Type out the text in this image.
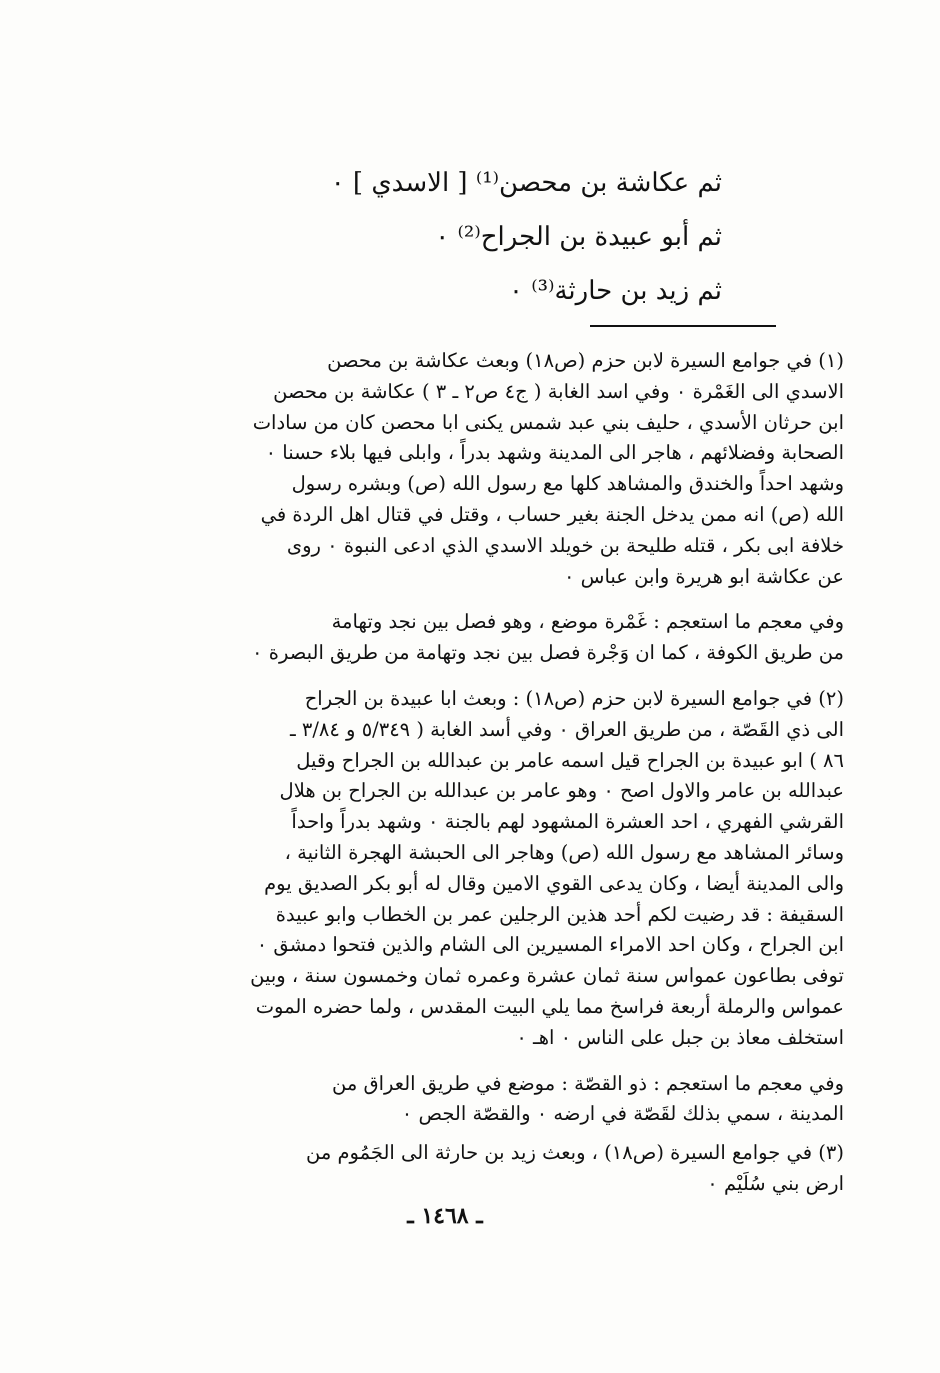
ثم عكاشة بن محصن⁽¹⁾ [ الاسدي ] ٠
ثم أبو عبيدة بن الجراح⁽²⁾ ٠
ثم زيد بن حارثة⁽³⁾ ٠

(١) في جوامع السيرة لابن حزم (ص١٨) وبعث عكاشة بن محصن
الاسدي الى الغَمْرة ٠ وفي اسد الغابة ( ج٤ ص٢ ـ ٣ ) عكاشة بن محصن
ابن حرثان الأسدي ، حليف بني عبد شمس يكنى ابا محصن كان من سادات
الصحابة وفضلائهم ، هاجر الى المدينة وشهد بدراً ، وابلى فيها بلاء حسنا ٠
وشهد احداً والخندق والمشاهد كلها مع رسول الله (ص) وبشره رسول
الله (ص) انه ممن يدخل الجنة بغير حساب ، وقتل في قتال اهل الردة في
خلافة ابى بكر ، قتله طليحة بن خويلد الاسدي الذي ادعى النبوة ٠ روى
عن عكاشة ابو هريرة وابن عباس ٠

وفي معجم ما استعجم : غَمْرة موضع ، وهو فصل بين نجد وتهامة
من طريق الكوفة ، كما ان وَجْرة فصل بين نجد وتهامة من طريق البصرة ٠

(٢) في جوامع السيرة لابن حزم (ص١٨) : وبعث ابا عبيدة بن الجراح
الى ذي القَصّة ، من طريق العراق ٠ وفي أسد الغابة ( ٥/٣٤٩ و ٣/٨٤ ـ
٨٦ ) ابو عبيدة بن الجراح قيل اسمه عامر بن عبدالله بن الجراح وقيل
عبدالله بن عامر والاول اصح ٠ وهو عامر بن عبدالله بن الجراح بن هلال
القرشي الفهري ، احد العشرة المشهود لهم بالجنة ٠ وشهد بدراً واحداً
وسائر المشاهد مع رسول الله (ص) وهاجر الى الحبشة الهجرة الثانية ،
والى المدينة أيضا ، وكان يدعى القوي الامين وقال له أبو بكر الصديق يوم
السقيفة : قد رضيت لكم أحد هذين الرجلين عمر بن الخطاب وابو عبيدة
ابن الجراح ، وكان احد الامراء المسيرين الى الشام والذين فتحوا دمشق ٠
توفى بطاعون عمواس سنة ثمان عشرة وعمره ثمان وخمسون سنة ، وبين
عمواس والرملة أربعة فراسخ مما يلي البيت المقدس ، ولما حضره الموت
استخلف معاذ بن جبل على الناس ٠ اهـ ٠

وفي معجم ما استعجم : ذو القصّة : موضع في طريق العراق من
المدينة ، سمي بذلك لقَصّة في ارضه ٠ والقصّة الجص ٠

(٣) في جوامع السيرة (ص١٨) ، وبعث زيد بن حارثة الى الجَمُوم من
ارض بني سُلَيْم ٠

ـ ١٤٦٨ ـ
